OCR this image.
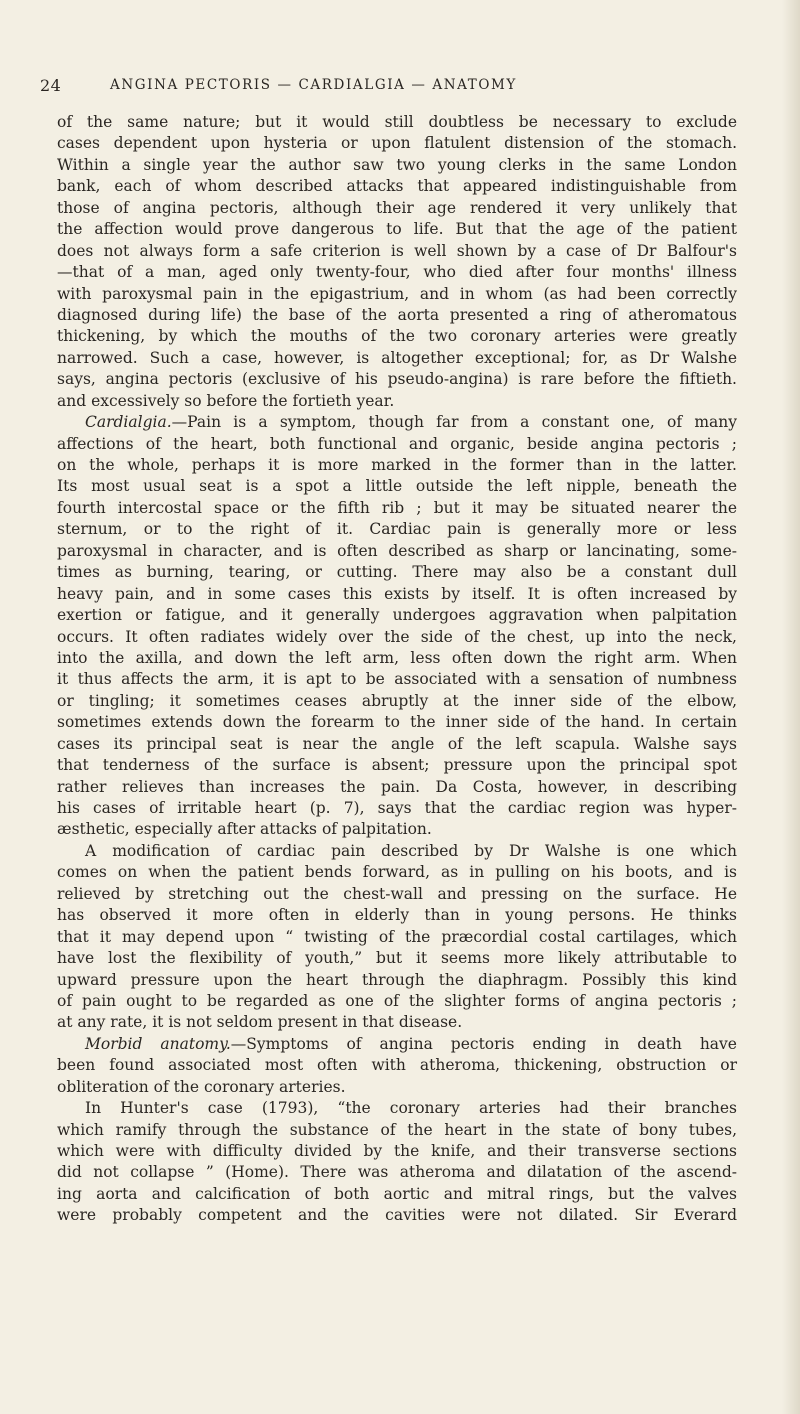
24	ANGINA PECTORIS — CARDIALGIA — ANATOMY
of the same nature; but it would still doubtless be necessary to exclude
cases dependent upon hysteria or upon flatulent distension of the stomach.
Within a single year the author saw two young clerks in the same London
bank, each of whom described attacks that appeared indistinguishable from
those of angina pectoris, although their age rendered it very unlikely that
the affection would prove dangerous to life. But that the age of the patient
does not always form a safe criterion is well shown by a case of Dr Balfour's
—that of a man, aged only twenty-four, who died after four months' illness
with paroxysmal pain in the epigastrium, and in whom (as had been correctly
diagnosed during life) the base of the aorta presented a ring of atheromatous
thickening, by which the mouths of the two coronary arteries were greatly
narrowed. Such a case, however, is altogether exceptional; for, as Dr Walshe
says, angina pectoris (exclusive of his pseudo-angina) is rare before the fiftieth.
and excessively so before the fortieth year.
Cardialgia.—Pain is a symptom, though far from a constant one, of many
affections of the heart, both functional and organic, beside angina pectoris ;
on the whole, perhaps it is more marked in the former than in the latter.
Its most usual seat is a spot a little outside the left nipple, beneath the
fourth intercostal space or the fifth rib ; but it may be situated nearer the
sternum, or to the right of it. Cardiac pain is generally more or less
paroxysmal in character, and is often described as sharp or lancinating, some-
times as burning, tearing, or cutting. There may also be a constant dull
heavy pain, and in some cases this exists by itself. It is often increased by
exertion or fatigue, and it generally undergoes aggravation when palpitation
occurs. It often radiates widely over the side of the chest, up into the neck,
into the axilla, and down the left arm, less often down the right arm. When
it thus affects the arm, it is apt to be associated with a sensation of numbness
or tingling; it sometimes ceases abruptly at the inner side of the elbow,
sometimes extends down the forearm to the inner side of the hand. In certain
cases its principal seat is near the angle of the left scapula. Walshe says
that tenderness of the surface is absent; pressure upon the principal spot
rather relieves than increases the pain. Da Costa, however, in describing
his cases of irritable heart (p. 7), says that the cardiac region was hyper-
æsthetic, especially after attacks of palpitation.
A modification of cardiac pain described by Dr Walshe is one which
comes on when the patient bends forward, as in pulling on his boots, and is
relieved by stretching out the chest-wall and pressing on the surface. He
has observed it more often in elderly than in young persons. He thinks
that it may depend upon “ twisting of the præcordial costal cartilages, which
have lost the flexibility of youth,” but it seems more likely attributable to
upward pressure upon the heart through the diaphragm. Possibly this kind
of pain ought to be regarded as one of the slighter forms of angina pectoris ;
at any rate, it is not seldom present in that disease.
Morbid anatomy.—Symptoms of angina pectoris ending in death have
been found associated most often with atheroma, thickening, obstruction or
obliteration of the coronary arteries.
In Hunter's case (1793), “the coronary arteries had their branches
which ramify through the substance of the heart in the state of bony tubes,
which were with difficulty divided by the knife, and their transverse sections
did not collapse ” (Home). There was atheroma and dilatation of the ascend-
ing aorta and calcification of both aortic and mitral rings, but the valves
were probably competent and the cavities were not dilated. Sir Everard
